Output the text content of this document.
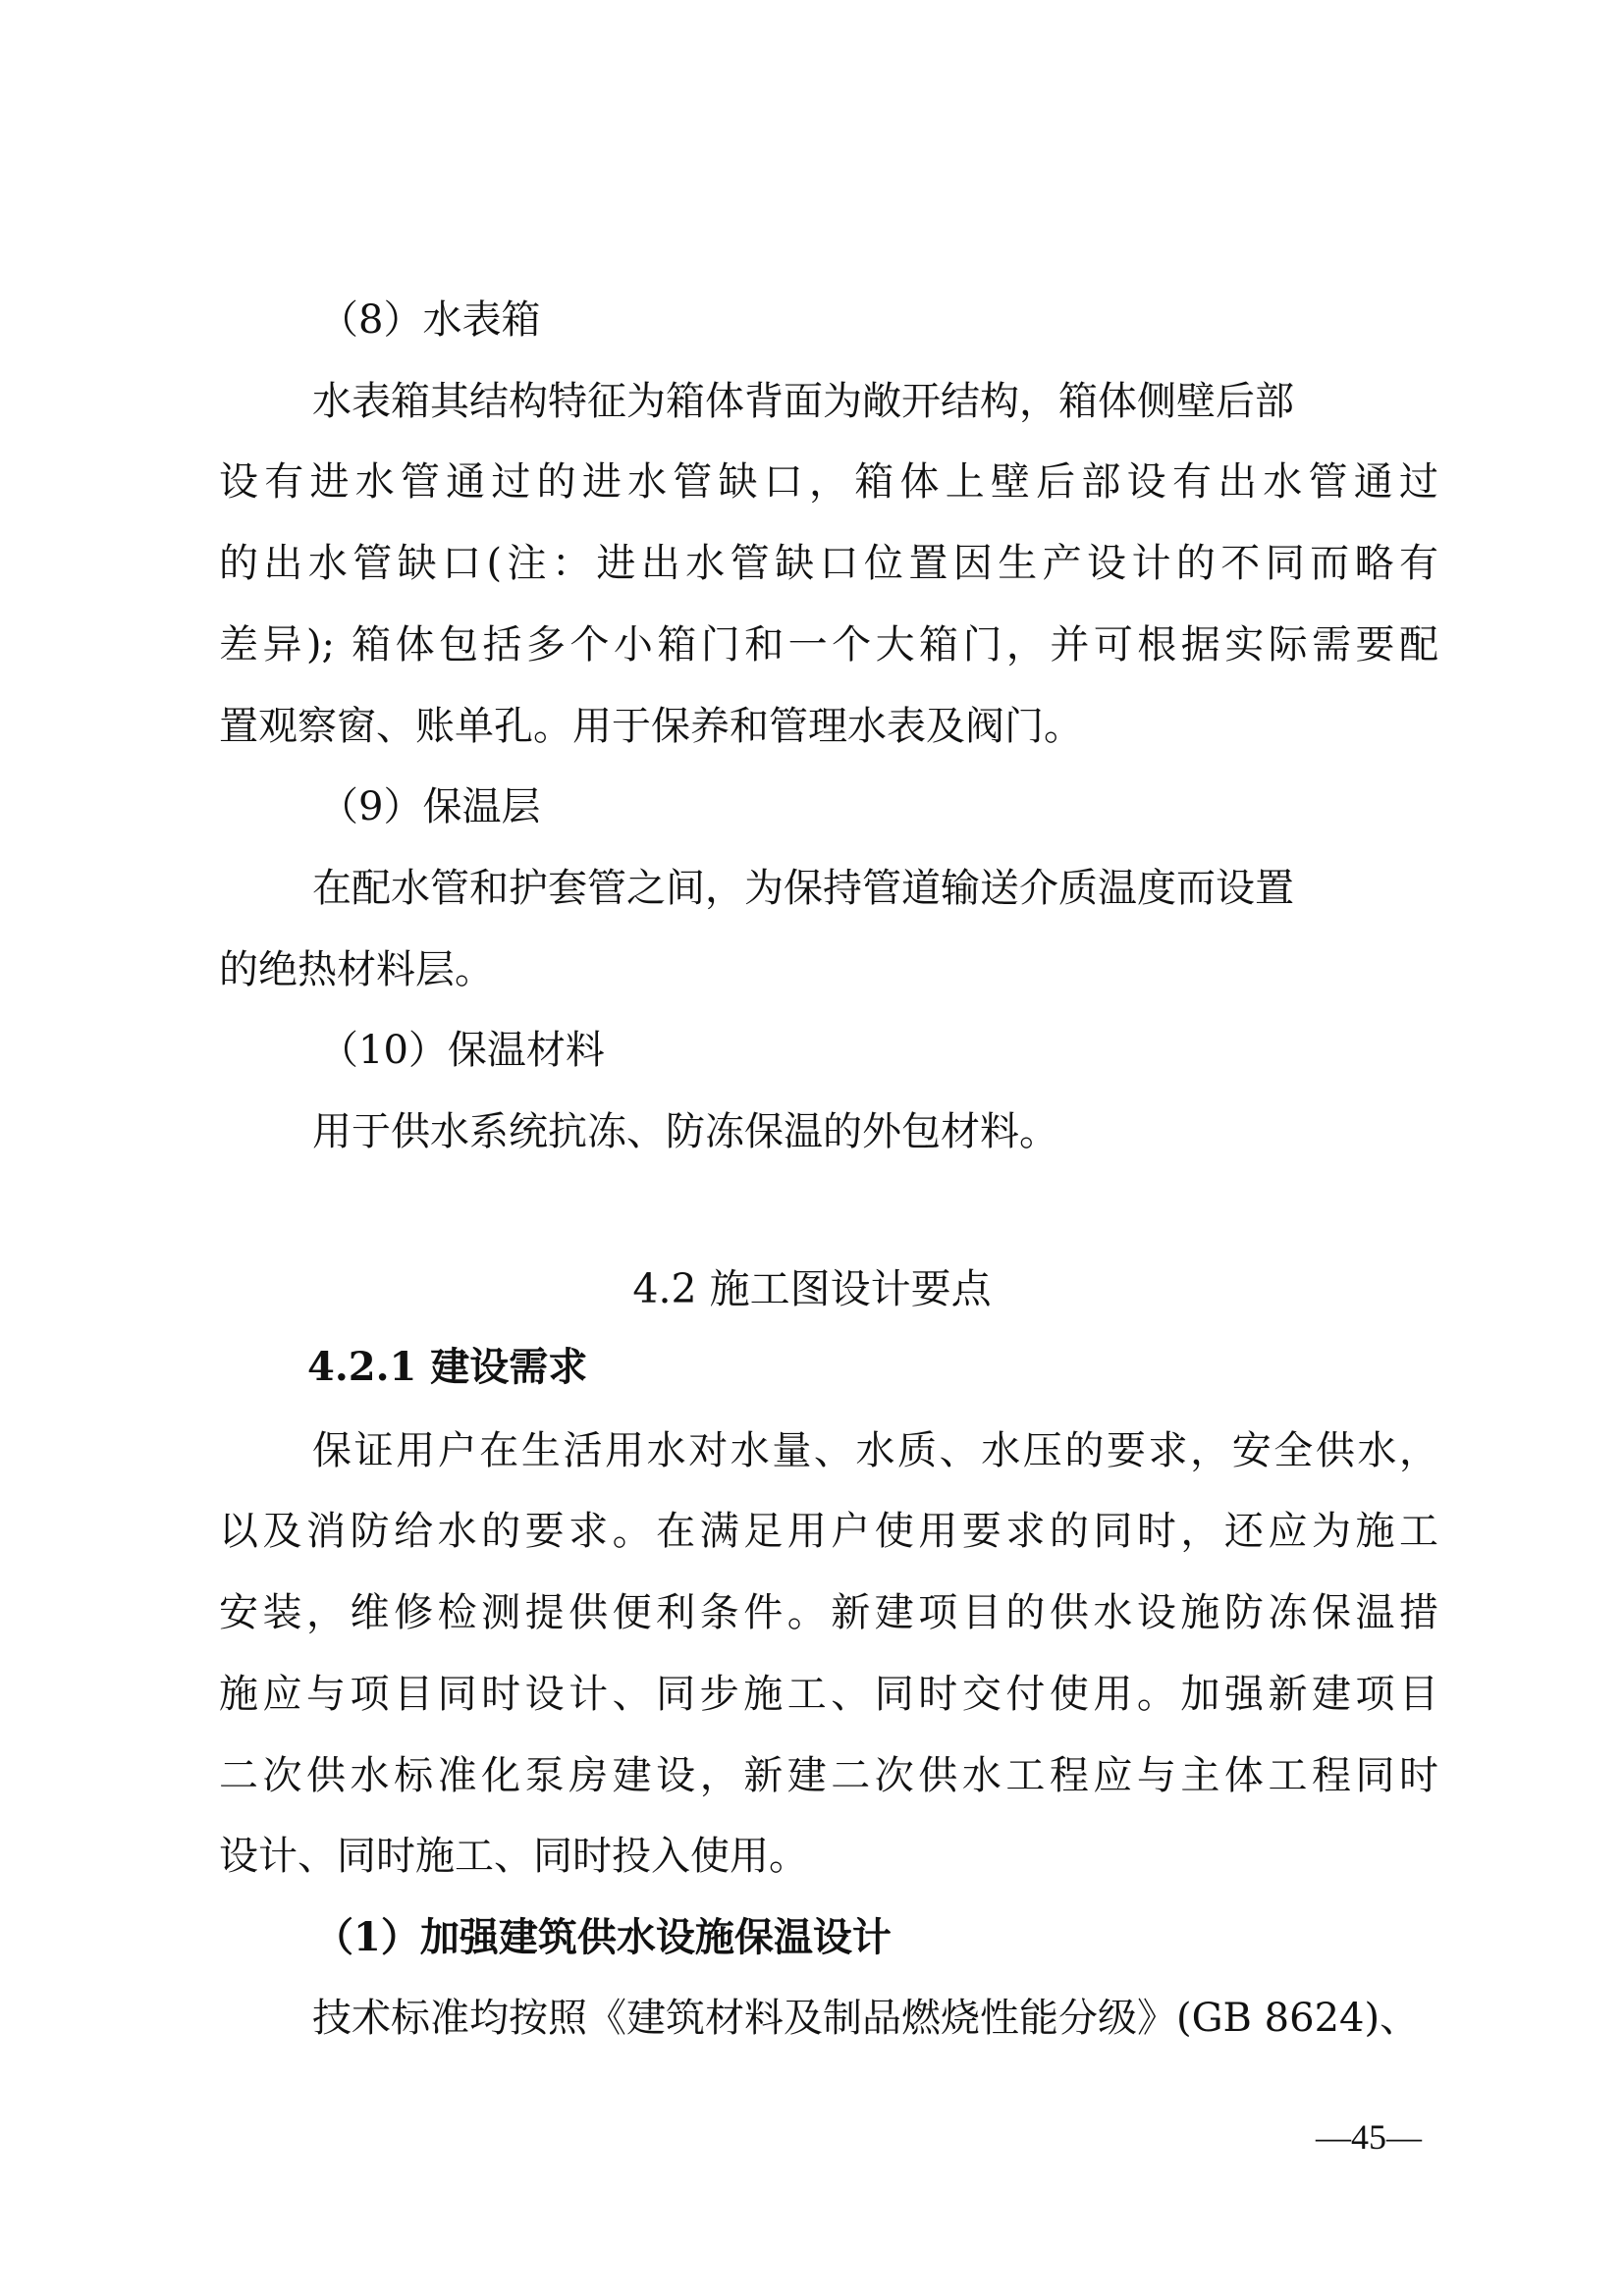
（8）水表箱

水表箱其结构特征为箱体背面为敞开结构，箱体侧壁后部

设有进水管通过的进水管缺口，箱体上壁后部设有出水管通过

的出水管缺口(注：进出水管缺口位置因生产设计的不同而略有

差异); 箱体包括多个小箱门和一个大箱门，并可根据实际需要配

置观察窗、账单孔。用于保养和管理水表及阀门。

（9）保温层

在配水管和护套管之间，为保持管道输送介质温度而设置

的绝热材料层。

（10）保温材料

用于供水系统抗冻、防冻保温的外包材料。

4.2 施工图设计要点

4.2.1 建设需求

保证用户在生活用水对水量、水质、水压的要求，安全供水，

以及消防给水的要求。在满足用户使用要求的同时，还应为施工

安装，维修检测提供便利条件。新建项目的供水设施防冻保温措

施应与项目同时设计、同步施工、同时交付使用。加强新建项目

二次供水标准化泵房建设，新建二次供水工程应与主体工程同时

设计、同时施工、同时投入使用。

（1）加强建筑供水设施保温设计

技术标准均按照《建筑材料及制品燃烧性能分级》(GB 8624)、

—45—
